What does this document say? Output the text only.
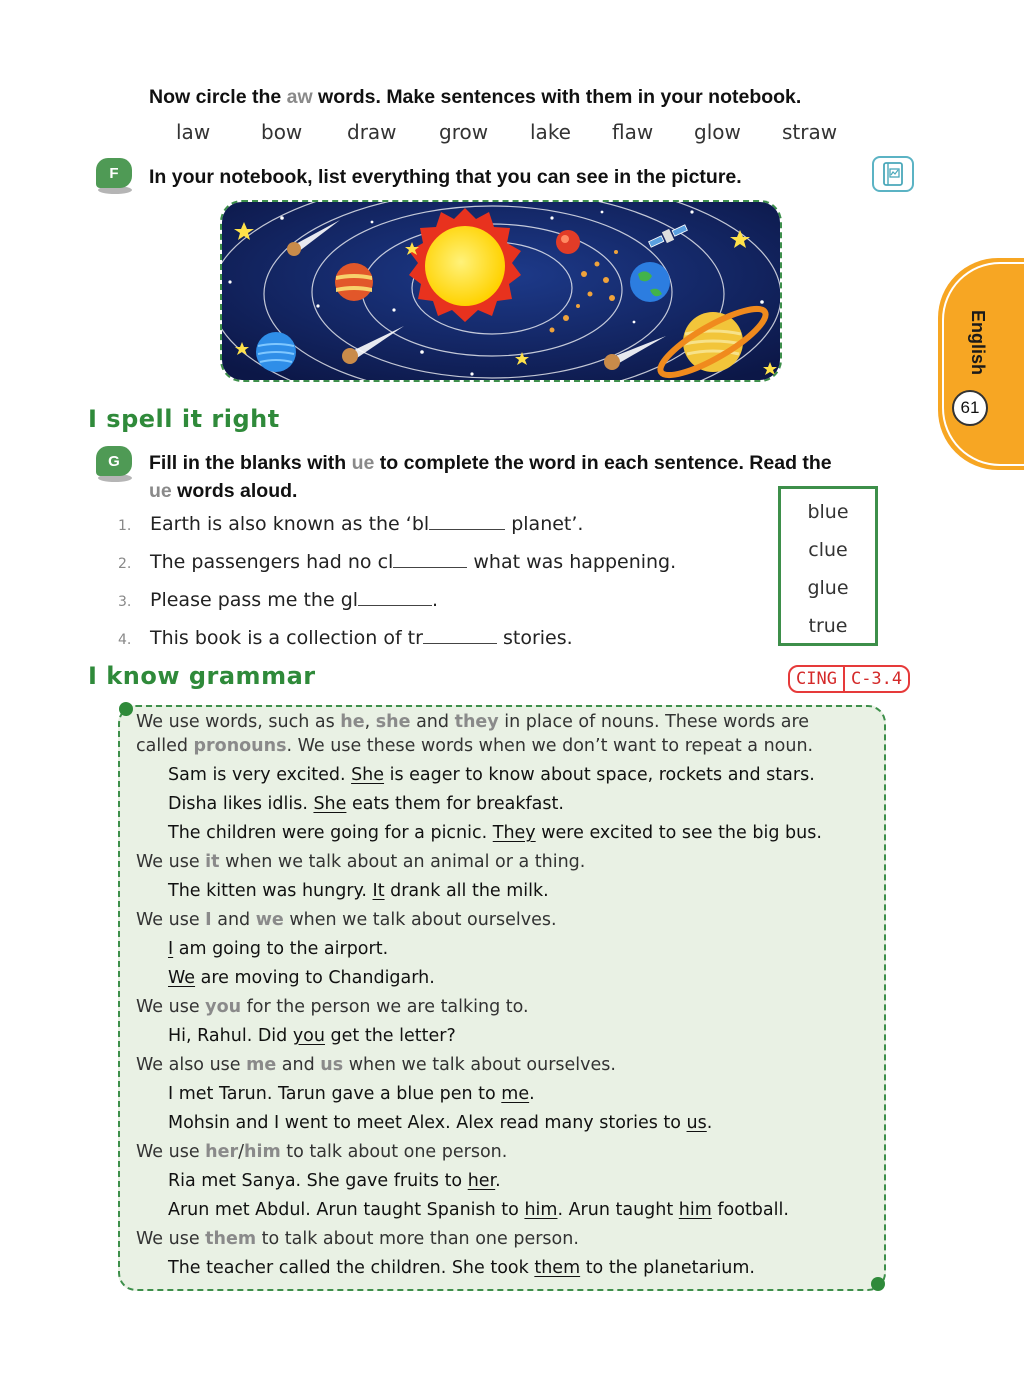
Now circle the aw words. Make sentences with them in your notebook.
law	bow	draw	grow	lake	flaw	glow	straw
F	In your notebook, list everything that you can see in the picture.
English
61
I spell it right
G	Fill in the blanks with ue to complete the word in each sentence. Read the
ue words aloud.
1. Earth is also known as the ‘bl	planet’.
2. The passengers had no cl	what was happening.
3. Please pass me the gl	.
4. This book is a collection of tr	stories.
blue
clue
glue
true
I know grammar	CING C-3.4
We use words, such as he, she and they in place of nouns. These words are
called pronouns. We use these words when we don’t want to repeat a noun.
Sam is very excited. She is eager to know about space, rockets and stars.
Disha likes idlis. She eats them for breakfast.
The children were going for a picnic. They were excited to see the big bus.
We use it when we talk about an animal or a thing.
The kitten was hungry. It drank all the milk.
We use I and we when we talk about ourselves.
I am going to the airport.
We are moving to Chandigarh.
We use you for the person we are talking to.
Hi, Rahul. Did you get the letter?
We also use me and us when we talk about ourselves.
I met Tarun. Tarun gave a blue pen to me.
Mohsin and I went to meet Alex. Alex read many stories to us.
We use her/him to talk about one person.
Ria met Sanya. She gave fruits to her.
Arun met Abdul. Arun taught Spanish to him. Arun taught him football.
We use them to talk about more than one person.
The teacher called the children. She took them to the planetarium.
